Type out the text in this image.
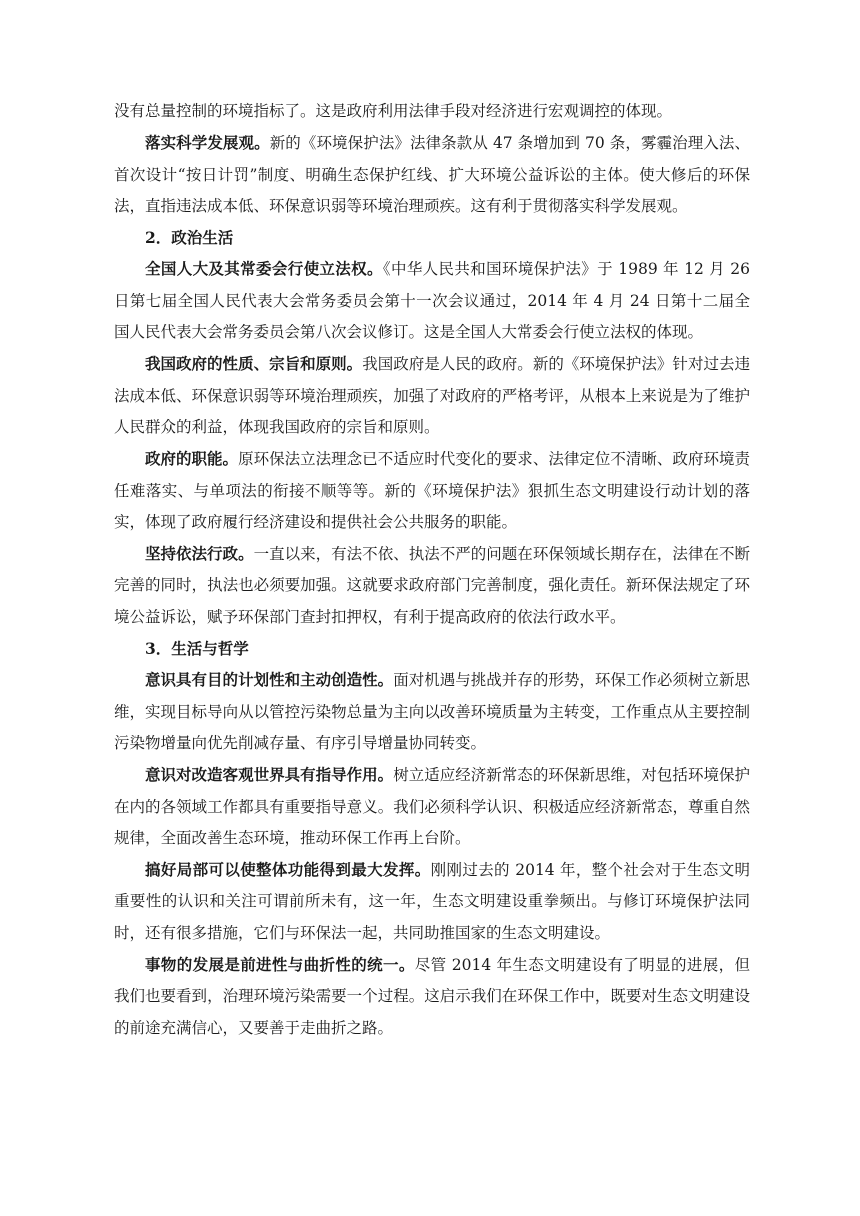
没有总量控制的环境指标了。这是政府利用法律手段对经济进行宏观调控的体现。

落实科学发展观。新的《环境保护法》法律条款从 47 条增加到 70 条，雾霾治理入法、首次设计“按日计罚”制度、明确生态保护红线、扩大环境公益诉讼的主体。使大修后的环保法，直指违法成本低、环保意识弱等环境治理顽疾。这有利于贯彻落实科学发展观。

2．政治生活

全国人大及其常委会行使立法权。《中华人民共和国环境保护法》于 1989 年 12 月 26 日第七届全国人民代表大会常务委员会第十一次会议通过，2014 年 4 月 24 日第十二届全国人民代表大会常务委员会第八次会议修订。这是全国人大常委会行使立法权的体现。

我国政府的性质、宗旨和原则。我国政府是人民的政府。新的《环境保护法》针对过去违法成本低、环保意识弱等环境治理顽疾，加强了对政府的严格考评，从根本上来说是为了维护人民群众的利益，体现我国政府的宗旨和原则。

政府的职能。原环保法立法理念已不适应时代变化的要求、法律定位不清晰、政府环境责任难落实、与单项法的衔接不顺等等。新的《环境保护法》狠抓生态文明建设行动计划的落实，体现了政府履行经济建设和提供社会公共服务的职能。

坚持依法行政。一直以来，有法不依、执法不严的问题在环保领域长期存在，法律在不断完善的同时，执法也必须要加强。这就要求政府部门完善制度，强化责任。新环保法规定了环境公益诉讼，赋予环保部门查封扣押权，有利于提高政府的依法行政水平。

3．生活与哲学

意识具有目的计划性和主动创造性。面对机遇与挑战并存的形势，环保工作必须树立新思维，实现目标导向从以管控污染物总量为主向以改善环境质量为主转变，工作重点从主要控制污染物增量向优先削减存量、有序引导增量协同转变。

意识对改造客观世界具有指导作用。树立适应经济新常态的环保新思维，对包括环境保护在内的各领域工作都具有重要指导意义。我们必须科学认识、积极适应经济新常态，尊重自然规律，全面改善生态环境，推动环保工作再上台阶。

搞好局部可以使整体功能得到最大发挥。刚刚过去的 2014 年，整个社会对于生态文明重要性的认识和关注可谓前所未有，这一年，生态文明建设重拳频出。与修订环境保护法同时，还有很多措施，它们与环保法一起，共同助推国家的生态文明建设。

事物的发展是前进性与曲折性的统一。尽管 2014 年生态文明建设有了明显的进展，但我们也要看到，治理环境污染需要一个过程。这启示我们在环保工作中，既要对生态文明建设的前途充满信心，又要善于走曲折之路。
